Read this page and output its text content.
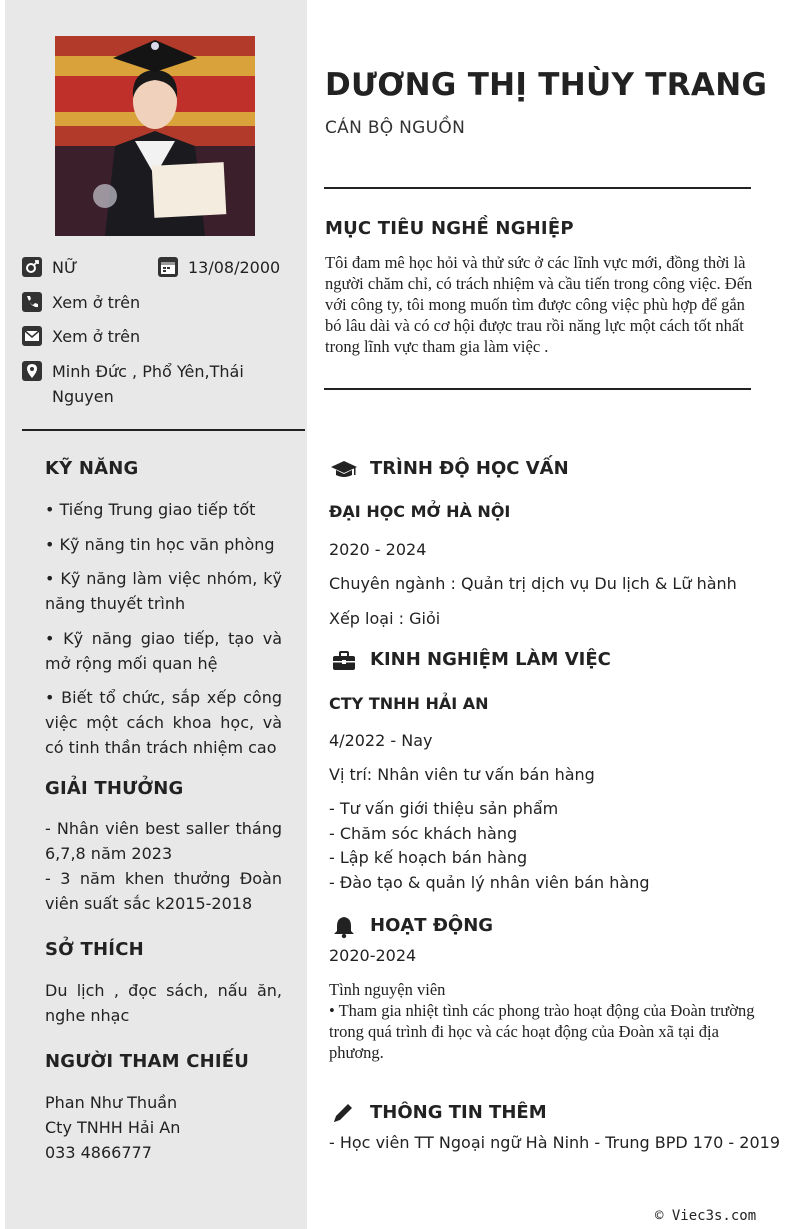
NỮ	13/08/2000
Xem ở trên
Xem ở trên
Minh Đức , Phổ Yên,Thái Nguyen
KỸ NĂNG

• Tiếng Trung giao tiếp tốt

• Kỹ năng tin học văn phòng

• Kỹ năng làm việc nhóm, kỹ năng thuyết trình

• Kỹ năng giao tiếp, tạo và mở rộng mối quan hệ

• Biết tổ chức, sắp xếp công việc một cách khoa học, và có tinh thần trách nhiệm cao

GIẢI THƯỞNG

- Nhân viên best saller tháng 6,7,8 năm 2023

- 3 năm khen thưởng Đoàn viên suất sắc k2015-2018

SỞ THÍCH
Du lịch , đọc sách, nấu ăn, nghe nhạc
NGƯỜI THAM CHIẾU

Phan Như Thuần

Cty TNHH Hải An

033 4866777

DƯƠNG THỊ THÙY TRANG
CÁN BỘ NGUỒN
MỤC TIÊU NGHỀ NGHIỆP
Tôi đam mê học hỏi và thử sức ở các lĩnh vực mới, đồng thời là người chăm chỉ, có trách nhiệm và cầu tiến trong công việc. Đến với công ty, tôi mong muốn tìm được công việc phù hợp để gắn bó lâu dài và có cơ hội được trau rồi năng lực một cách tốt nhất trong lĩnh vực tham gia làm việc .
TRÌNH ĐỘ HỌC VẤN
ĐẠI HỌC MỞ HÀ NỘI
2020 - 2024
Chuyên ngành : Quản trị dịch vụ Du lịch & Lữ hành
Xếp loại : Giỏi
KINH NGHIỆM LÀM VIỆC
CTY TNHH HẢI AN
4/2022 - Nay
Vị trí: Nhân viên tư vấn bán hàng
- Tư vấn giới thiệu sản phẩm
- Chăm sóc khách hàng
- Lập kế hoạch bán hàng
- Đào tạo & quản lý nhân viên bán hàng
HOẠT ĐỘNG
2020-2024

Tình nguyện viên

• Tham gia nhiệt tình các phong trào hoạt động của Đoàn trường trong quá trình đi học và các hoạt động của Đoàn xã tại địa phương.

THÔNG TIN THÊM
- Học viên TT Ngoại ngữ Hà Ninh - Trung BPD 170 - 2019
© Viec3s.com
